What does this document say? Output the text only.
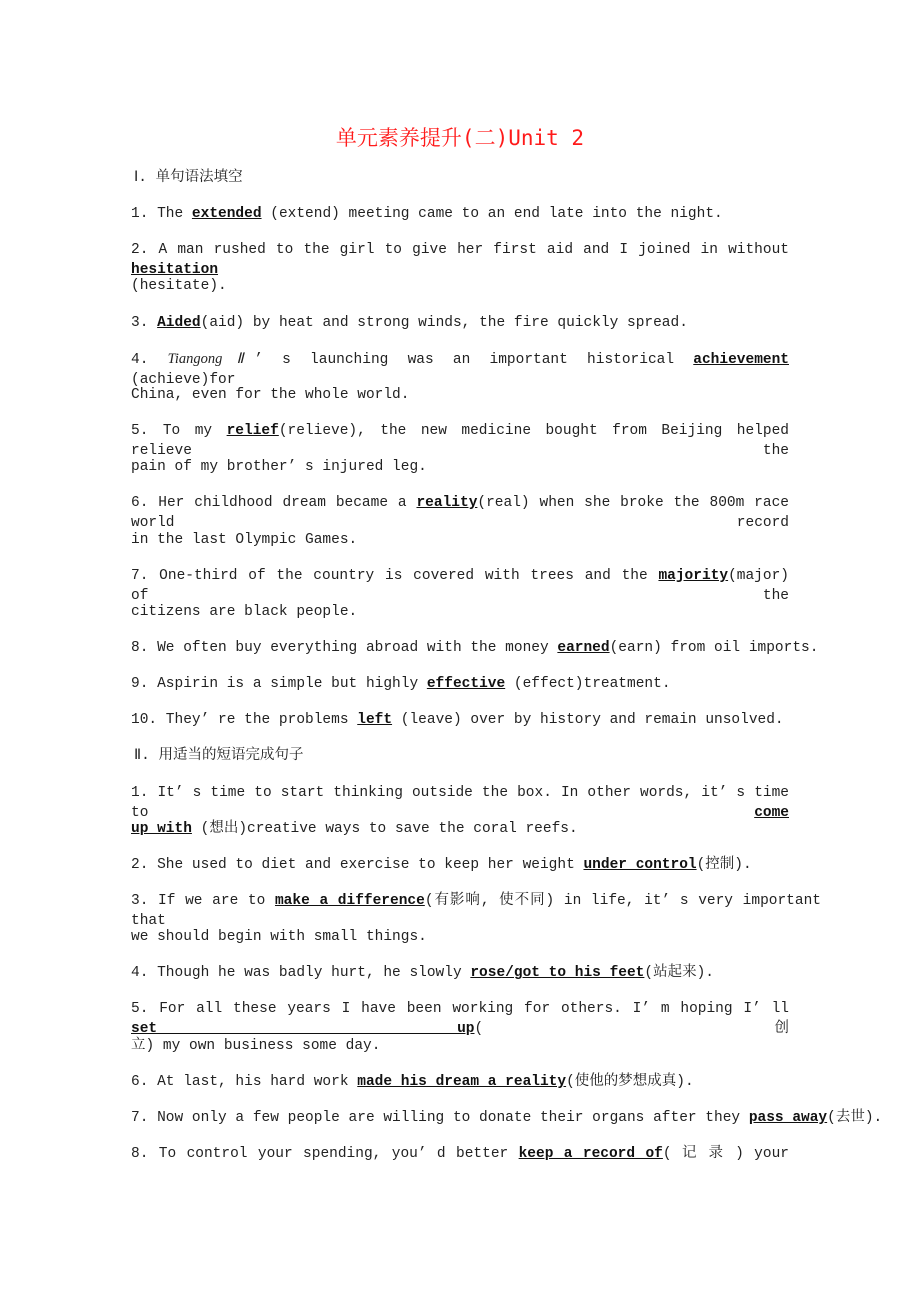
单元素养提升(二)Unit 2
Ⅰ. 单句语法填空
1. The extended (extend) meeting came to an end late into the night.
2. A man rushed to the girl to give her first aid and I joined in without hesitation
(hesitate).
3. Aided(aid) by heat and strong winds, the fire quickly spread.
4. Tiangong Ⅱ’ s launching was an important historical achievement (achieve)for
China, even for the whole world.
5. To my relief(relieve), the new medicine bought from Beijing helped relieve the
pain of my brother’ s injured leg.
6. Her childhood dream became a reality(real) when she broke the 800m race world record
in the last Olympic Games.
7. One-third of the country is covered with trees and the majority(major) of the
citizens are black people.
8. We often buy everything abroad with the money earned(earn) from oil imports.
9. Aspirin is a simple but highly effective (effect)treatment.
10. They’ re the problems left (leave) over by history and remain unsolved.
Ⅱ. 用适当的短语完成句子
1. It’ s time to start thinking outside the box. In other words, it’ s time to come
up with (想出)creative ways to save the coral reefs.
2. She used to diet and exercise to keep her weight under control(控制).
3. If we are to make a difference(有影响, 使不同) in life, it’ s very important that
we should begin with small things.
4. Though he was badly hurt, he slowly rose/got to his feet(站起来).
5. For all these years I have been working for others. I’ m hoping I’ ll set up(创
立) my own business some day.
6. At last, his hard work made his dream a reality(使他的梦想成真).
7. Now only a few people are willing to donate their organs after they pass away(去世).
8. To control your spending, you’ d better keep a record of( 记 录 ) your
